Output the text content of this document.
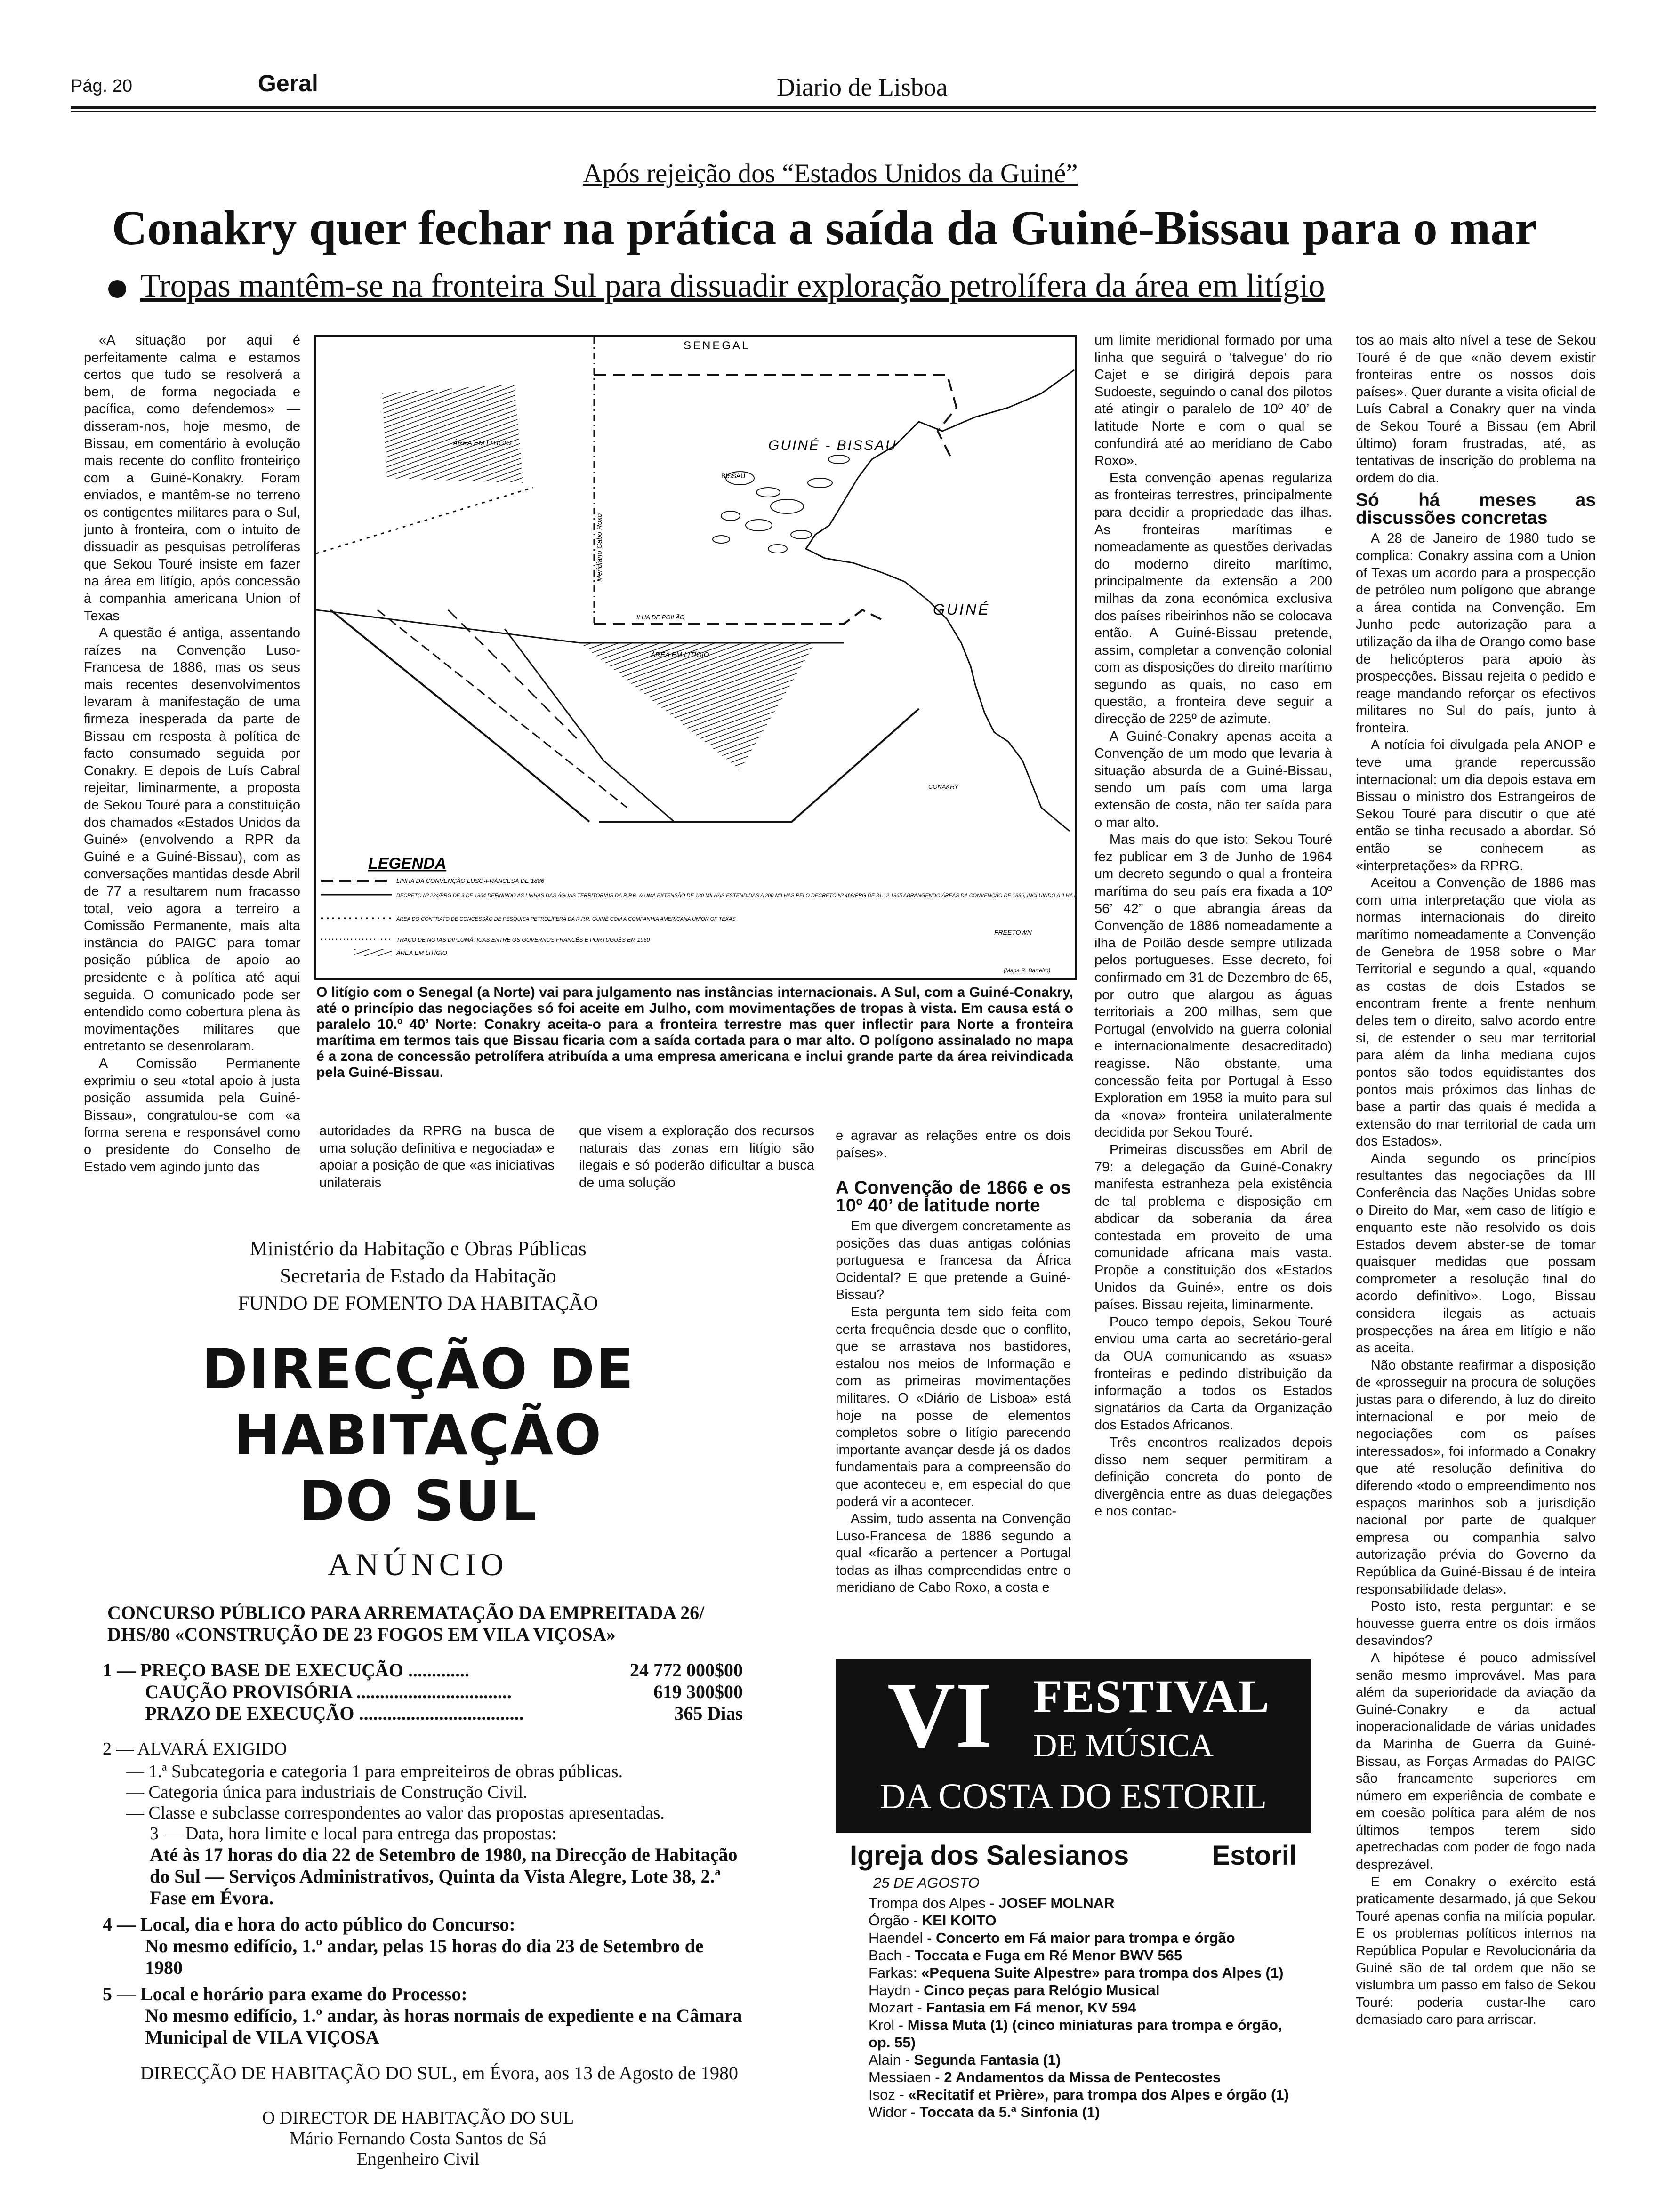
Pág. 20	Geral	Diario de Lisboa
Após rejeição dos “Estados Unidos da Guiné”
Conakry quer fechar na prática a saída da Guiné-Bissau para o mar
Tropas mantêm-se na fronteira Sul para dissuadir exploração petrolífera da área em litígio

«A situação por aqui é perfeitamente calma e estamos certos que tudo se resolverá a bem, de forma negociada e pacífica, como defendemos» — disseram-nos, hoje mesmo, de Bissau, em comentário à evolução mais recente do conflito fronteiriço com a Guiné-Konakry. Foram enviados, e mantêm-se no terreno os contigentes militares para o Sul, junto à fronteira, com o intuito de dissuadir as pesquisas petrolíferas que Sekou Touré insiste em fazer na área em litígio, após concessão à companhia americana Union of Texas

A questão é antiga, assentando raízes na Convenção Luso-Francesa de 1886, mas os seus mais recentes desenvolvimentos levaram à manifestação de uma firmeza inesperada da parte de Bissau em resposta à política de facto consumado seguida por Conakry. E depois de Luís Cabral rejeitar, liminarmente, a proposta de Sekou Touré para a constituição dos chamados «Estados Unidos da Guiné» (envolvendo a RPR da Guiné e a Guiné-Bissau), com as conversações mantidas desde Abril de 77 a resultarem num fracasso total, veio agora a terreiro a Comissão Permanente, mais alta instância do PAIGC para tomar posição pública de apoio ao presidente e à política até aqui seguida. O comunicado pode ser entendido como cobertura plena às movimentações militares que entretanto se desenrolaram.

A Comissão Permanente exprimiu o seu «total apoio à justa posição assumida pela Guiné-Bissau», congratulou-se com «a forma serena e responsável como o presidente do Conselho de Estado vem agindo junto das

SENEGAL
GUINÉ - BISSAU
GUINÉ
BISSAU
ÁREA EM LITÍGIO
ÁREA EM LITÍGIO
ILHA DE POILÃO
CONAKRY
FREETOWN
Meridiano Cabo Roxo
(Mapa R. Barreiro)
LEGENDA
LINHA DA CONVENÇÃO LUSO-FRANCESA DE 1886
DECRETO Nº 224/PRG DE 3 DE 1964 DEFININDO AS LINHAS DAS ÁGUAS TERRITORIAIS DA R.P.R. & UMA EXTENSÃO DE 130 MILHAS ESTENDIDAS A 200 MILHAS PELO DECRETO Nº 468/PRG DE 31.12.1965 ABRANGENDO ÁREAS DA CONVENÇÃO DE 1886, INCLUINDO A ILHA DE POILÃO
ÁREA DO CONTRATO DE CONCESSÃO DE PESQUISA PETROLÍFERA DA R.P.R. GUINÉ COM A COMPANHIA AMERICANA UNION OF TEXAS
TRAÇO DE NOTAS DIPLOMÁTICAS ENTRE OS GOVERNOS FRANCÊS E PORTUGUÊS EM 1960
ÁREA EM LITÍGIO
O litígio com o Senegal (a Norte) vai para julgamento nas instâncias internacionais. A Sul, com a Guiné-Conakry, até o princípio das negociações só foi aceite em Julho, com movimentações de tropas à vista. Em causa está o paralelo 10.º 40’ Norte: Conakry aceita-o para a fronteira terrestre mas quer inflectir para Norte a fronteira marítima em termos tais que Bissau ficaria com a saída cortada para o mar alto. O polígono assinalado no mapa é a zona de concessão petrolífera atribuída a uma empresa americana e inclui grande parte da área reivindicada pela Guiné-Bissau.

autoridades da RPRG na busca de uma solução definitiva e negociada» e apoiar a posição de que «as iniciativas unilaterais

que visem a exploração dos recursos naturais das zonas em litígio são ilegais e só poderão dificultar a busca de uma solução

e agravar as relações entre os dois países».

A Convenção de 1866 e os 10º 40’ de latitude norte

Em que divergem concretamente as posições das duas antigas colónias portuguesa e francesa da África Ocidental? E que pretende a Guiné-Bissau?

Esta pergunta tem sido feita com certa frequência desde que o conflito, que se arrastava nos bastidores, estalou nos meios de Informação e com as primeiras movimentações militares. O «Diário de Lisboa» está hoje na posse de elementos completos sobre o litígio parecendo importante avançar desde já os dados fundamentais para a compreensão do que aconteceu e, em especial do que poderá vir a acontecer.

Assim, tudo assenta na Convenção Luso-Francesa de 1886 segundo a qual «ficarão a pertencer a Portugal todas as ilhas compreendidas entre o meridiano de Cabo Roxo, a costa e

um limite meridional formado por uma linha que seguirá o ‘talvegue’ do rio Cajet e se dirigirá depois para Sudoeste, seguindo o canal dos pilotos até atingir o paralelo de 10º 40’ de latitude Norte e com o qual se confundirá até ao meridiano de Cabo Roxo».

Esta convenção apenas regulariza as fronteiras terrestres, principalmente para decidir a propriedade das ilhas. As fronteiras marítimas e nomeadamente as questões derivadas do moderno direito marítimo, principalmente da extensão a 200 milhas da zona económica exclusiva dos países ribeirinhos não se colocava então. A Guiné-Bissau pretende, assim, completar a convenção colonial com as disposições do direito marítimo segundo as quais, no caso em questão, a fronteira deve seguir a direcção de 225º de azimute.

A Guiné-Conakry apenas aceita a Convenção de um modo que levaria à situação absurda de a Guiné-Bissau, sendo um país com uma larga extensão de costa, não ter saída para o mar alto.

Mas mais do que isto: Sekou Touré fez publicar em 3 de Junho de 1964 um decreto segundo o qual a fronteira marítima do seu país era fixada a 10º 56’ 42” o que abrangia áreas da Convenção de 1886 nomeadamente a ilha de Poilão desde sempre utilizada pelos portugueses. Esse decreto, foi confirmado em 31 de Dezembro de 65, por outro que alargou as águas territoriais a 200 milhas, sem que Portugal (envolvido na guerra colonial e internacionalmente desacreditado) reagisse. Não obstante, uma concessão feita por Portugal à Esso Exploration em 1958 ia muito para sul da «nova» fronteira unilateralmente decidida por Sekou Touré.

Primeiras discussões em Abril de 79: a delegação da Guiné-Conakry manifesta estranheza pela existência de tal problema e disposição em abdicar da soberania da área contestada em proveito de uma comunidade africana mais vasta. Propõe a constituição dos «Estados Unidos da Guiné», entre os dois países. Bissau rejeita, liminarmente.

Pouco tempo depois, Sekou Touré enviou uma carta ao secretário-geral da OUA comunicando as «suas» fronteiras e pedindo distribuição da informação a todos os Estados signatários da Carta da Organização dos Estados Africanos.

Três encontros realizados depois disso nem sequer permitiram a definição concreta do ponto de divergência entre as duas delegações e nos contac-

tos ao mais alto nível a tese de Sekou Touré é de que «não devem existir fronteiras entre os nossos dois países». Quer durante a visita oficial de Luís Cabral a Conakry quer na vinda de Sekou Touré a Bissau (em Abril último) foram frustradas, até, as tentativas de inscrição do problema na ordem do dia.

Só há meses as discussões concretas

A 28 de Janeiro de 1980 tudo se complica: Conakry assina com a Union of Texas um acordo para a prospecção de petróleo num polígono que abrange a área contida na Convenção. Em Junho pede autorização para a utilização da ilha de Orango como base de helicópteros para apoio às prospecções. Bissau rejeita o pedido e reage mandando reforçar os efectivos militares no Sul do país, junto à fronteira.

A notícia foi divulgada pela ANOP e teve uma grande repercussão internacional: um dia depois estava em Bissau o ministro dos Estrangeiros de Sekou Touré para discutir o que até então se tinha recusado a abordar. Só então se conhecem as «interpretações» da RPRG.

Aceitou a Convenção de 1886 mas com uma interpretação que viola as normas internacionais do direito marítimo nomeadamente a Convenção de Genebra de 1958 sobre o Mar Territorial e segundo a qual, «quando as costas de dois Estados se encontram frente a frente nenhum deles tem o direito, salvo acordo entre si, de estender o seu mar territorial para além da linha mediana cujos pontos são todos equidistantes dos pontos mais próximos das linhas de base a partir das quais é medida a extensão do mar territorial de cada um dos Estados».

Ainda segundo os princípios resultantes das negociações da III Conferência das Nações Unidas sobre o Direito do Mar, «em caso de litígio e enquanto este não resolvido os dois Estados devem abster-se de tomar quaisquer medidas que possam comprometer a resolução final do acordo definitivo». Logo, Bissau considera ilegais as actuais prospecções na área em litígio e não as aceita.

Não obstante reafirmar a disposição de «prosseguir na procura de soluções justas para o diferendo, à luz do direito internacional e por meio de negociações com os países interessados», foi informado a Conakry que até resolução definitiva do diferendo «todo o empreendimento nos espaços marinhos sob a jurisdição nacional por parte de qualquer empresa ou companhia salvo autorização prévia do Governo da República da Guiné-Bissau é de inteira responsabilidade delas».

Posto isto, resta perguntar: e se houvesse guerra entre os dois irmãos desavindos?

A hipótese é pouco admissível senão mesmo improvável. Mas para além da superioridade da aviação da Guiné-Conakry e da actual inoperacionalidade de várias unidades da Marinha de Guerra da Guiné-Bissau, as Forças Armadas do PAIGC são francamente superiores em número em experiência de combate e em coesão política para além de nos últimos tempos terem sido apetrechadas com poder de fogo nada desprezável.

E em Conakry o exército está praticamente desarmado, já que Sekou Touré apenas confia na milícia popular. E os problemas políticos internos na República Popular e Revolucionária da Guiné são de tal ordem que não se vislumbra um passo em falso de Sekou Touré: poderia custar-lhe caro demasiado caro para arriscar.

Ministério da Habitação e Obras Públicas
Secretaria de Estado da Habitação
FUNDO DE FOMENTO DA HABITAÇÃO
DIRECÇÃO DE HABITAÇÃO
DO SUL
ANÚNCIO
CONCURSO PÚBLICO PARA ARREMATAÇÃO DA EMPREITADA 26/ DHS/80 «CONSTRUÇÃO DE 23 FOGOS EM VILA VIÇOSA»
1 — PREÇO BASE DE EXECUÇÃO .............	24 772 000$00
CAUÇÃO PROVISÓRIA .................................	619 300$00
PRAZO DE EXECUÇÃO ...................................	365 Dias
2 — ALVARÁ EXIGIDO
— 1.ª Subcategoria e categoria 1 para empreiteiros de obras públicas.
— Categoria única para industriais de Construção Civil.
— Classe e subclasse correspondentes ao valor das propostas apresentadas.
3 — Data, hora limite e local para entrega das propostas:
Até às 17 horas do dia 22 de Setembro de 1980, na Direcção de Habitação do Sul — Serviços Administrativos, Quinta da Vista Alegre, Lote 38, 2.ª Fase em Évora.
4 — Local, dia e hora do acto público do Concurso:
No mesmo edifício, 1.º andar, pelas 15 horas do dia 23 de Setembro de 1980
5 — Local e horário para exame do Processo:
No mesmo edifício, 1.º andar, às horas normais de expediente e na Câmara Municipal de VILA VIÇOSA
DIRECÇÃO DE HABITAÇÃO DO SUL, em Évora, aos 13 de Agosto de 1980
O DIRECTOR DE HABITAÇÃO DO SUL
Mário Fernando Costa Santos de Sá
Engenheiro Civil
VI FESTIVAL
DE MÚSICA
DA COSTA DO ESTORIL
Igreja dos Salesianos	Estoril
25 DE AGOSTO
Trompa dos Alpes - JOSEF MOLNAR
Órgão - KEI KOITO
Haendel - Concerto em Fá maior para trompa e órgão
Bach - Toccata e Fuga em Ré Menor BWV 565
Farkas: «Pequena Suite Alpestre» para trompa dos Alpes (1)
Haydn - Cinco peças para Relógio Musical
Mozart - Fantasia em Fá menor, KV 594
Krol - Missa Muta (1) (cinco miniaturas para trompa e órgão, op. 55)
Alain - Segunda Fantasia (1)
Messiaen - 2 Andamentos da Missa de Pentecostes
Isoz - «Recitatif et Prière», para trompa dos Alpes e órgão (1)
Widor - Toccata da 5.ª Sinfonia (1)
